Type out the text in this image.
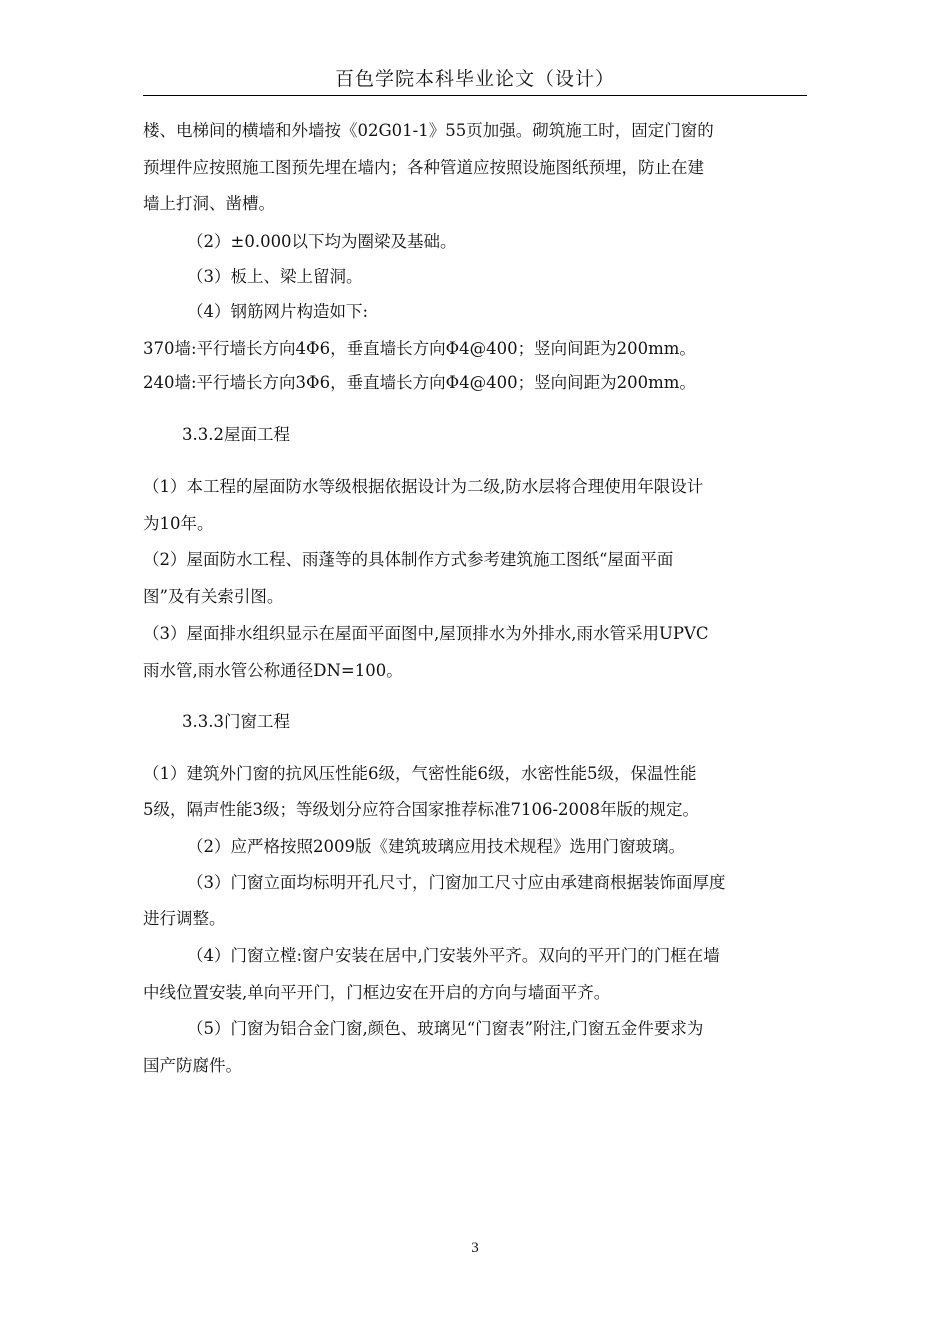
百色学院本科毕业论文（设计）
楼、电梯间的横墙和外墙按《02G01-1》55页加强。砌筑施工时，固定门窗的
预埋件应按照施工图预先埋在墙内；各种管道应按照设施图纸预埋，防止在建
墙上打洞、凿槽。
（2）±0.000以下均为圈梁及基础。
（3）板上、梁上留洞。
（4）钢筋网片构造如下:
370墙:平行墙长方向4Φ6，垂直墙长方向Φ4@400；竖向间距为200mm。
240墙:平行墙长方向3Φ6，垂直墙长方向Φ4@400；竖向间距为200mm。
3.3.2屋面工程
（1）本工程的屋面防水等级根据依据设计为二级,防水层将合理使用年限设计
为10年。
（2）屋面防水工程、雨蓬等的具体制作方式参考建筑施工图纸“屋面平面
图”及有关索引图。
（3）屋面排水组织显示在屋面平面图中,屋顶排水为外排水,雨水管采用UPVC
雨水管,雨水管公称通径DN=100。
3.3.3门窗工程
（1）建筑外门窗的抗风压性能6级，气密性能6级，水密性能5级，保温性能
5级，隔声性能3级；等级划分应符合国家推荐标准7106-2008年版的规定。
（2）应严格按照2009版《建筑玻璃应用技术规程》选用门窗玻璃。
（3）门窗立面均标明开孔尺寸，门窗加工尺寸应由承建商根据装饰面厚度
进行调整。
（4）门窗立樘:窗户安装在居中,门安装外平齐。双向的平开门的门框在墙
中线位置安装,单向平开门，门框边安在开启的方向与墙面平齐。
（5）门窗为铝合金门窗,颜色、玻璃见“门窗表”附注,门窗五金件要求为
国产防腐件。
3
